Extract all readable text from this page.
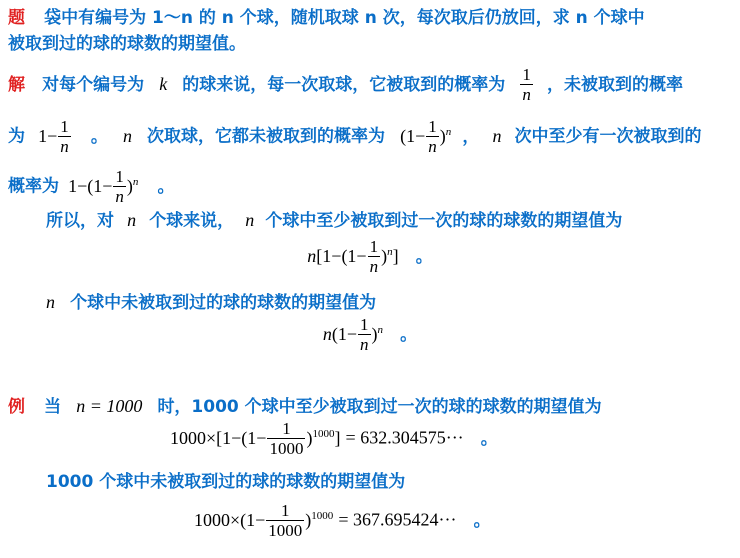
题 袋中有编号为 1～n 的 n 个球，随机取球 n 次，每次取后仍放回，求 n 个球中
被取到过的球的球数的期望值。
解 对每个编号为 k 的球来说，每一次取球，它被取到的概率为 $\frac{1}{n}$ ，未被取到的概率
为 $1- \frac{1}{n}$ 。 n 次取球，它都未被取到的概率为 $(1- \frac{1}{n} )^n$ ， n 次中至少有一次被取到的
概率为 $1-(1- \frac{1}{n} )^n$ 。
所以，对 n 个球来说， n 个球中至少被取到过一次的球的球数的期望值为
$n[1-(1- \frac{1}{n} )^n]$ 。
n 个球中未被取到过的球的球数的期望值为
$n(1- \frac{1}{n} )^n$ 。
例 当 n = 1000 时，1000 个球中至少被取到过一次的球的球数的期望值为
$1000\times[1-(1- \frac{1}{1000} )^{1000}] = 632.304575\cdot\cdot\cdot$ 。
1000 个球中未被取到过的球的球数的期望值为
$1000\times(1- \frac{1}{1000} )^{1000} = 367.695424\cdot\cdot\cdot$ 。
